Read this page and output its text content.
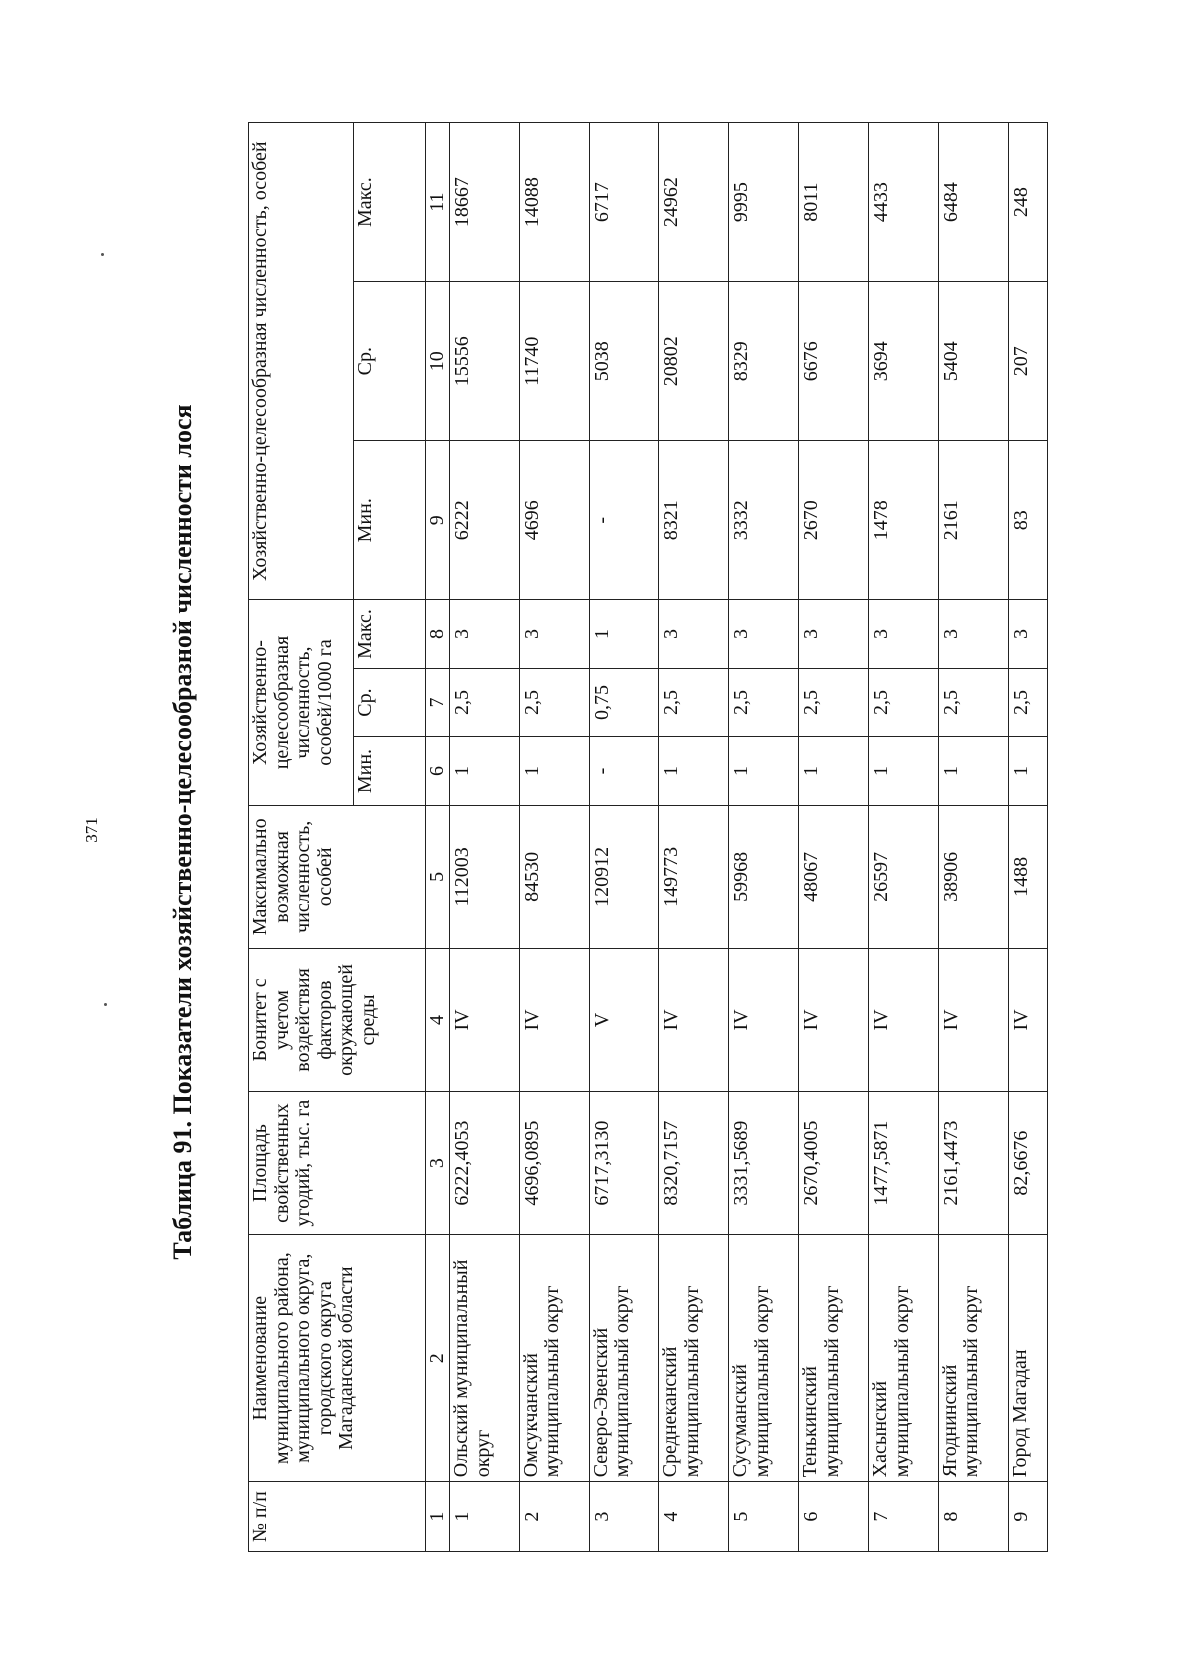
371	Таблица 91. Показатели хозяйственно-целесообразной численности лося
№ п/п	Наименование муниципального района, муниципального округа, городского округа Магаданской области	Площадь свойственных угодий, тыс. га	Бонитет с учетом воздействия факторов окружающей среды	Максимально возможная численность, особей	Хозяйственно-целесообразная численность, особей/1000 га			Хозяйственно-целесообразная численность, особей		
					Мин.	Ср.	Макс.	Мин.	Ср.	Макс.
1	2	3	4	5	6	7	8	9	10	11
1	Ольский муниципальный округ	6222,4053	IV	112003	1	2,5	3	6222	15556	18667
2	Омсукчанский муниципальный округ	4696,0895	IV	84530	1	2,5	3	4696	11740	14088
3	Северо-Эвенский муниципальный округ	6717,3130	V	120912	-	0,75	1	-	5038	6717
4	Среднеканский муниципальный округ	8320,7157	IV	149773	1	2,5	3	8321	20802	24962
5	Сусуманский муниципальный округ	3331,5689	IV	59968	1	2,5	3	3332	8329	9995
6	Тенькинский муниципальный округ	2670,4005	IV	48067	1	2,5	3	2670	6676	8011
7	Хасынский муниципальный округ	1477,5871	IV	26597	1	2,5	3	1478	3694	4433
8	Ягоднинский муниципальный округ	2161,4473	IV	38906	1	2,5	3	2161	5404	6484
9	Город Магадан	82,6676	IV	1488	1	2,5	3	83	207	248
